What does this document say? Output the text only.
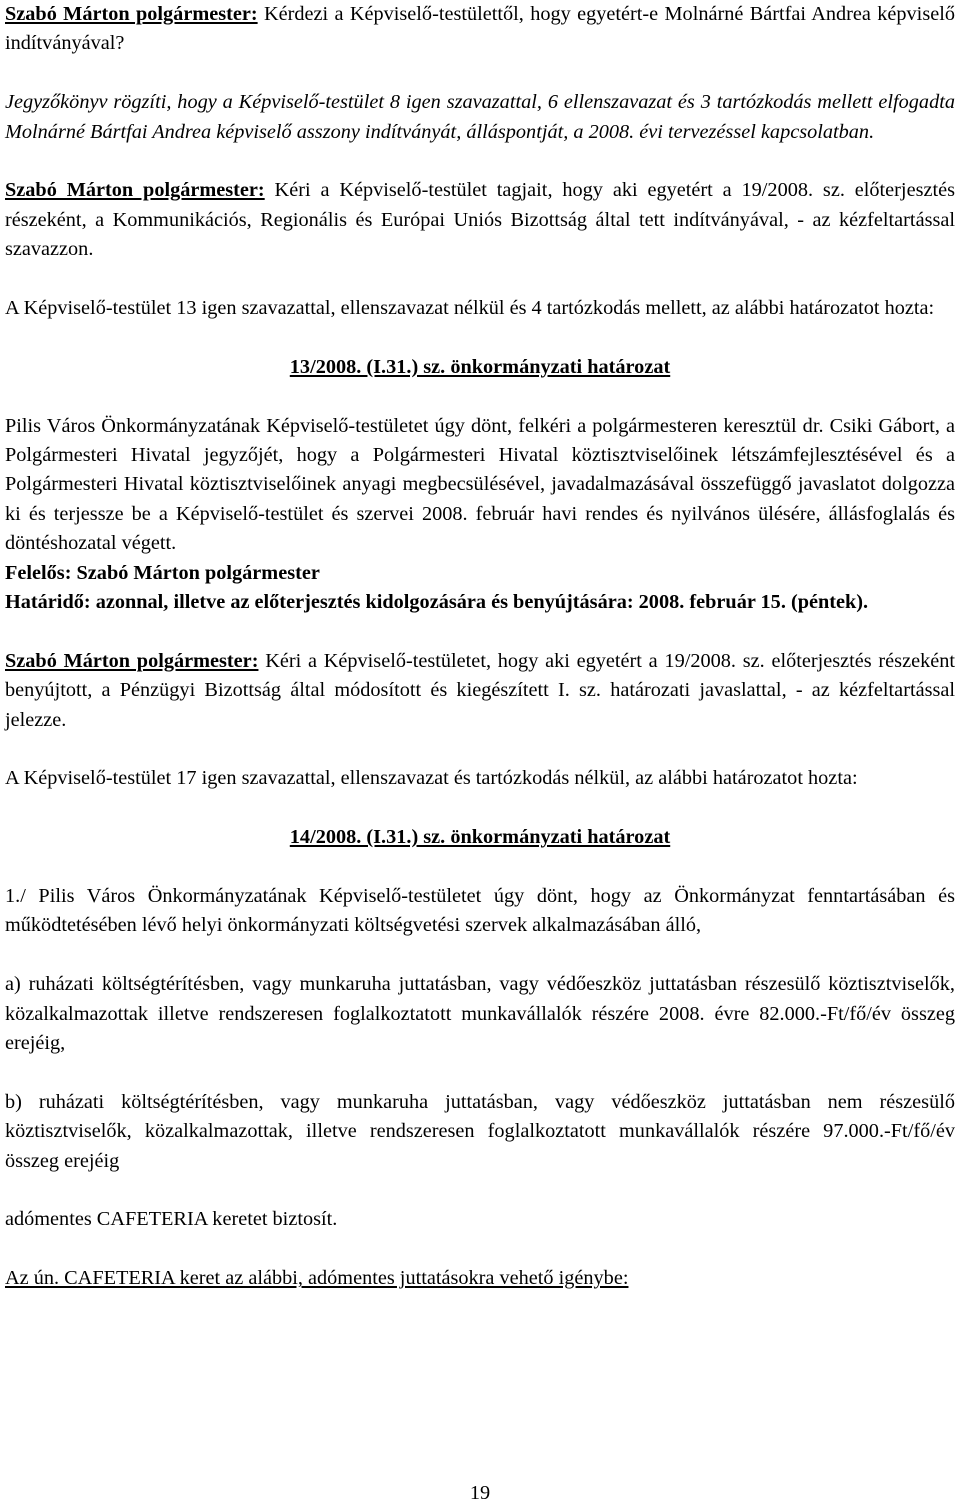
Szabó Márton polgármester: Kérdezi a Képviselő-testülettől, hogy egyetért-e Molnárné Bártfai Andrea képviselő indítványával?

Jegyzőkönyv rögzíti, hogy a Képviselő-testület 8 igen szavazattal, 6 ellenszavazat és 3 tartózkodás mellett elfogadta Molnárné Bártfai Andrea képviselő asszony indítványát, álláspontját, a 2008. évi tervezéssel kapcsolatban.

Szabó Márton polgármester: Kéri a Képviselő-testület tagjait, hogy aki egyetért a 19/2008. sz. előterjesztés részeként, a Kommunikációs, Regionális és Európai Uniós Bizottság által tett indítványával, - az kézfeltartással szavazzon.

A Képviselő-testület 13 igen szavazattal, ellenszavazat nélkül és 4 tartózkodás mellett, az alábbi határozatot hozta:

13/2008. (I.31.) sz. önkormányzati határozat

Pilis Város Önkormányzatának Képviselő-testületet úgy dönt, felkéri a polgármesteren keresztül dr. Csiki Gábort, a Polgármesteri Hivatal jegyzőjét, hogy a Polgármesteri Hivatal köztisztviselőinek létszámfejlesztésével és a Polgármesteri Hivatal köztisztviselőinek anyagi megbecsülésével, javadalmazásával összefüggő javaslatot dolgozza ki és terjessze be a Képviselő-testület és szervei 2008. február havi rendes és nyilvános ülésére, állásfoglalás és döntéshozatal végett.

Felelős: Szabó Márton polgármester

Határidő: azonnal, illetve az előterjesztés kidolgozására és benyújtására: 2008. február 15. (péntek).

Szabó Márton polgármester: Kéri a Képviselő-testületet, hogy aki egyetért a 19/2008. sz. előterjesztés részeként benyújtott, a Pénzügyi Bizottság által módosított és kiegészített I. sz. határozati javaslattal, - az kézfeltartással jelezze.

A Képviselő-testület 17 igen szavazattal, ellenszavazat és tartózkodás nélkül, az alábbi határozatot hozta:

14/2008. (I.31.) sz. önkormányzati határozat

1./ Pilis Város Önkormányzatának Képviselő-testületet úgy dönt, hogy az Önkormányzat fenntartásában és működtetésében lévő helyi önkormányzati költségvetési szervek alkalmazásában álló,

a) ruházati költségtérítésben, vagy munkaruha juttatásban, vagy védőeszköz juttatásban részesülő köztisztviselők, közalkalmazottak illetve rendszeresen foglalkoztatott munkavállalók részére 2008. évre 82.000.-Ft/fő/év összeg erejéig,

b) ruházati költségtérítésben, vagy munkaruha juttatásban, vagy védőeszköz juttatásban nem részesülő köztisztviselők, közalkalmazottak, illetve rendszeresen foglalkoztatott munkavállalók részére 97.000.-Ft/fő/év összeg erejéig

adómentes CAFETERIA keretet biztosít.

Az ún. CAFETERIA keret az alábbi, adómentes juttatásokra vehető igénybe:

19
